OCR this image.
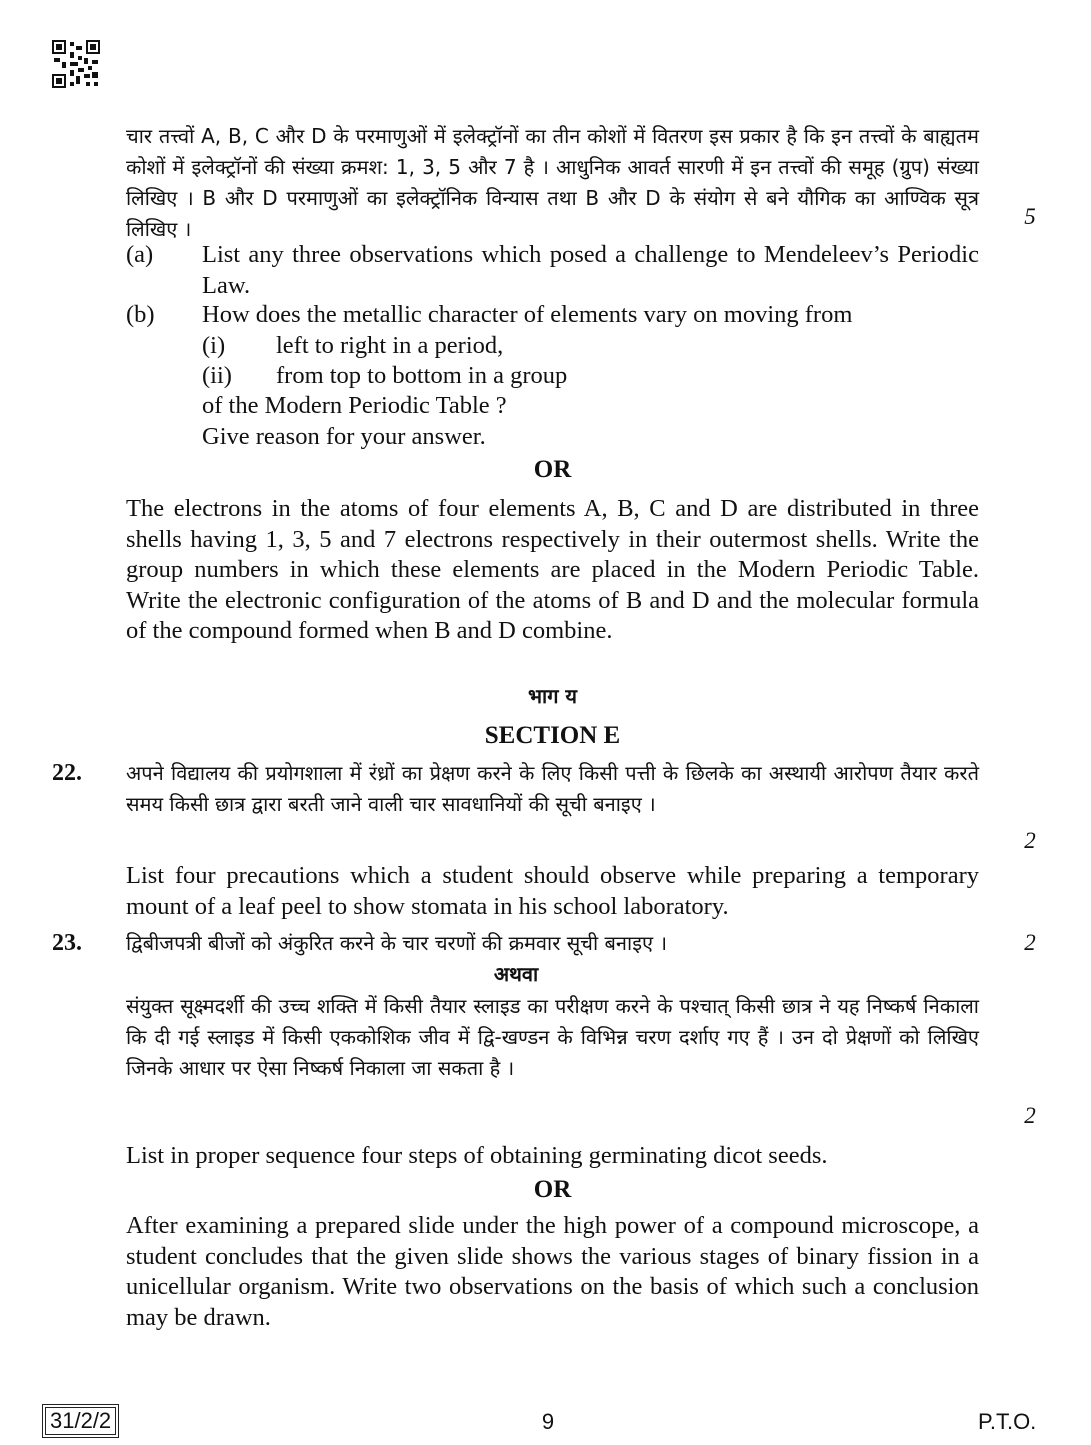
चार तत्त्वों A, B, C और D के परमाणुओं में इलेक्ट्रॉनों का तीन कोशों में वितरण इस प्रकार है कि इन तत्त्वों के बाह्यतम कोशों में इलेक्ट्रॉनों की संख्या क्रमश: 1, 3, 5 और 7 है । आधुनिक आवर्त सारणी में इन तत्त्वों की समूह (ग्रुप) संख्या लिखिए । B और D परमाणुओं का इलेक्ट्रॉनिक विन्यास तथा B और D के संयोग से बने यौगिक का आण्विक सूत्र लिखिए ।	5
(a) List any three observations which posed a challenge to Mendeleev’s Periodic Law.

(b) How does the metallic character of elements vary on moving from
(i) left to right in a period,
(ii) from top to bottom in a group
of the Modern Periodic Table ?
Give reason for your answer.
OR

The electrons in the atoms of four elements A, B, C and D are distributed in three shells having 1, 3, 5 and 7 electrons respectively in their outermost shells. Write the group numbers in which these elements are placed in the Modern Periodic Table. Write the electronic configuration of the atoms of B and D and the molecular formula of the compound formed when B and D combine.

भाग य
SECTION E
22. अपने विद्यालय की प्रयोगशाला में रंध्रों का प्रेक्षण करने के लिए किसी पत्ती के छिलके का अस्थायी आरोपण तैयार करते समय किसी छात्र द्वारा बरती जाने वाली चार सावधानियों की सूची बनाइए ।

2

List four precautions which a student should observe while preparing a temporary mount of a leaf peel to show stomata in his school laboratory.

23. द्विबीजपत्री बीजों को अंकुरित करने के चार चरणों की क्रमवार सूची बनाइए ।	2
अथवा

संयुक्त सूक्ष्मदर्शी की उच्च शक्ति में किसी तैयार स्लाइड का परीक्षण करने के पश्चात् किसी छात्र ने यह निष्कर्ष निकाला कि दी गई स्लाइड में किसी एककोशिक जीव में द्वि-खण्डन के विभिन्न चरण दर्शाए गए हैं । उन दो प्रेक्षणों को लिखिए जिनके आधार पर ऐसा निष्कर्ष निकाला जा सकता है ।

2

List in proper sequence four steps of obtaining germinating dicot seeds.

OR

After examining a prepared slide under the high power of a compound microscope, a student concludes that the given slide shows the various stages of binary fission in a unicellular organism. Write two observations on the basis of which such a conclusion may be drawn.

31/2/2	9	P.T.O.
